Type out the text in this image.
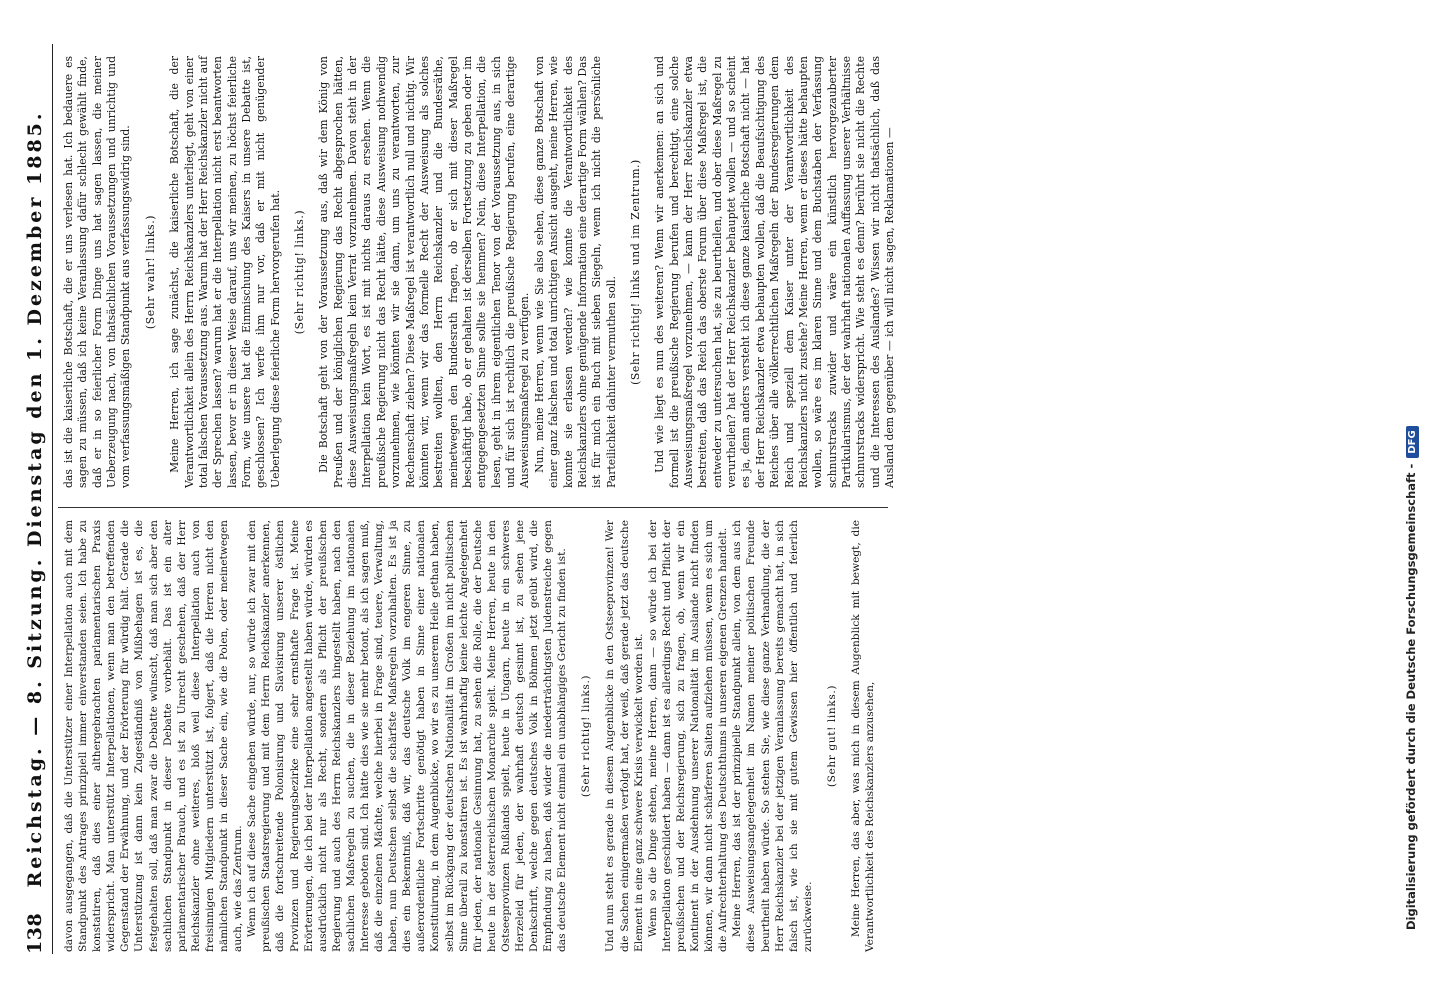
138
Reichstag. — 8. Sitzung. Dienstag den 1. Dezember 1885. davon ausgegangen, daß die Unterstützer einer Interpellation auch mit dem Standpunkt des Antrages prinzipiell immer einverstanden seien. Ich habe zu konstatiren, daß dies einer althergebrachten parlamentarischen Praxis widerspricht. Man unterstützt Interpellationen, wenn man den betreffenden Gegenstand der Erwähnung, und der Erörterung für würdig hält. Gerade die Unterstützung ist dann kein Zugeständniß von Mißbehagen ist es, die festgehalten soll, daß man zwar die Debatte wünscht, daß man sich aber den sachlichen Standpunkt in dieser Debatte vorbehält. Das ist ein alter parlamentarischer Brauch, und es ist zu Unrecht geschehen, daß der Herr Reichskanzler ohne weiteres, bloß weil diese Interpellation auch von freisinnigen Mitgliedern unterstützt ist, folgert, daß die Herren nicht den nämlichen Standpunkt in dieser Sache ein, wie die Polen, oder meinetwegen auch, wie das Zentrum. Wenn ich auf diese Sache eingehen würde, nur, so würde ich zwar mit den preußischen Staatsregierung und mit dem Herrn Reichskanzler anerkennen, daß die fortschreitende Polonisirung und Slavisirung unserer östlichen Provinzen und Regierungsbezirke eine sehr ernsthafte Frage ist. Meine Erörterungen, die ich bei der Interpellation angestellt haben würde, würden es ausdrücklich nicht nur als Recht, sondern als Pflicht der preußischen Regierung und auch des Herrn Reichskanzlers hingestellt haben, nach den sachlichen Maßregeln zu suchen, die in dieser Beziehung im nationalen Interesse geboten sind. Ich hätte dies wie sie mehr betont, als ich sagen muß, daß die einzelnen Mächte, welche hierbei in Frage sind, teuere, Verwaltung, haben, nun Deutschen selbst die schärfste Maßregeln vorzuhalten. Es ist ja dies ein Bekenntniß, daß wir, das deutsche Volk im engeren Sinne, zu außerordentliche Fortschritte genötigt haben in Sinne einer nationalen Konstituirung, in dem Augenblicke, wo wir es zu unserem Heile gethan haben, selbst im Rückgang der deutschen Nationalität im Großen im nicht politischen Sinne überall zu konstatiren ist. Es ist wahrhaftig keine leichte Angelegenheit für jeden, der nationale Gesinnung hat, zu sehen die Rolle, die der Deutsche heute in der österreichischen Monarchie spielt. Meine Herren, heute in den Ostseeprovinzen Rußlands spielt, heute in Ungarn, heute in ein schweres Herzeleid für jeden, der wahrhaft deutsch gesinnt ist, zu sehen jene Denkschrift, welche gegen deutsches Volk in Böhmen jetzt geübt wird, die Empfindung zu haben, daß wider die niederträchtigsten Judenstreiche gegen das deutsche Element nicht einmal ein unabhängiges Gericht zu finden ist. (Sehr richtig! links.) Und nun steht es gerade in diesem Augenblicke in den Ostseeprovinzen! Wer die Sachen einigermaßen verfolgt hat, der weiß, daß gerade jetzt das deutsche Element in eine ganz schwere Krisis verwickelt worden ist. Wenn so die Dinge stehen, meine Herren, dann — so würde ich bei der Interpellation geschildert haben — dann ist es allerdings Recht und Pflicht der preußischen und der Reichsregierung, sich zu fragen, ob, wenn wir ein Kontinent in der Ausdehnung unserer Nationalität im Auslande nicht finden können, wir dann nicht schärferen Saiten aufziehen müssen, wenn es sich um die Aufrechterhaltung des Deutschthums in unseren eigenen Grenzen handelt. Meine Herren, das ist der prinzipielle Standpunkt allein, von dem aus ich diese Ausweisungsangelegenheit im Namen meiner politischen Freunde beurtheilt haben würde. So stehen Sie, wie diese ganze Verhandlung, die der Herr Reichskanzler bei der jetzigen Veranlassung bereits gemacht hat, in sich falsch ist, wie ich sie mit gutem Gewissen hier öffentlich und feierlich zurückweise.

(Sehr gut! links.) Meine Herren, das aber, was mich in diesem Augenblick mit bewegt, die Verantwortlichkeit des Reichskanzlers anzusehen,

das ist die kaiserliche Botschaft, die er uns verlesen hat. Ich bedauere es sagen zu müssen, daß ich keine Veranlassung dafür schlecht gewählt finde, daß er in so feierlicher Form Dinge uns hat sagen lassen, die meiner Ueberzeugung nach, von thatsächlichen Voraussetzungen und unrichtig und vom verfassungsmäßigen Standpunkt aus verfassungswidrig sind. (Sehr wahr! links.) Meine Herren, ich sage zunächst, die kaiserliche Botschaft, die der Verantwortlichkeit allein des Herrn Reichskanzlers unterliegt, geht von einer total falschen Voraussetzung aus. Warum hat der Herr Reichskanzler nicht auf der Sprechen lassen? warum hat er die Interpellation nicht erst beantworten lassen, bevor er in dieser Weise darauf, uns wir meinen, zu höchst feierliche Form, wie unsere hat die Einmischung des Kaisers in unsere Debatte ist, geschlossen? Ich werfe ihm nur vor, daß er mit nicht genügender Ueberlegung diese feierliche Form hervorgerufen hat. (Sehr richtig! links.) Die Botschaft geht von der Voraussetzung aus, daß wir dem König von Preußen und der königlichen Regierung das Recht abgesprochen hätten, diese Ausweisungsmaßregeln kein Verrat vorzunehmen. Davon steht in der Interpellation kein Wort, es ist mit nichts daraus zu ersehen. Wenn die preußische Regierung nicht das Recht hätte, diese Ausweisung nothwendig vorzunehmen, wie könnten wir sie dann, um uns zu verantworten, zur Rechenschaft ziehen? Diese Maßregel ist verantwortlich null und nichtig. Wir könnten wir, wenn wir das formelle Recht der Ausweisung als solches bestreiten wollten, den Herrn Reichskanzler und die Bundesräthe, meinetwegen den Bundesrath fragen, ob er sich mit dieser Maßregel beschäftigt habe, ob er gehalten ist derselben Fortsetzung zu geben oder im entgegengesetzten Sinne sollte sie hemmen? Nein, diese Interpellation, die lesen, geht in ihrem eigentlichen Tenor von der Voraussetzung aus, in sich und für sich ist rechtlich die preußische Regierung berufen, eine derartige Ausweisungsmaßregel zu verfügen. Nun, meine Herren, wenn wie Sie also sehen, diese ganze Botschaft von einer ganz falschen und total unrichtigen Ansicht ausgeht, meine Herren, wie konnte sie erlassen werden? wie konnte die Verantwortlichkeit des Reichskanzlers ohne genügende Information eine derartige Form wählen? Das ist für mich ein Buch mit sieben Siegeln, wenn ich nicht die persönliche Parteilichkeit dahinter vermuthen soll. (Sehr richtig! links und im Zentrum.) Und wie liegt es nun des weiteren? Wenn wir anerkennen: an sich und formell ist die preußische Regierung berufen und berechtigt, eine solche Ausweisungsmaßregel vorzunehmen, — kann der Herr Reichskanzler etwa bestreiten, daß das Reich das oberste Forum über diese Maßregel ist, die entweder zu untersuchen hat, sie zu beurtheilen, und ober diese Maßregel zu verurtheilen? hat der Herr Reichskanzler behauptet wollen — und so scheint es ja, denn anders versteht ich diese ganze kaiserliche Botschaft nicht — hat der Herr Reichskanzler etwa behaupten wollen, daß die Beaufsichtigung des Reiches über alle völkerrechtlichen Maßregeln der Bundesregierungen dem Reich und speziell dem Kaiser unter der Verantwortlichkeit des Reichskanzlers nicht zustehe? Meine Herren, wenn er dieses hätte behaupten wollen, so wäre es im klaren Sinne und dem Buchstaben der Verfassung schnurstracks zuwider und wäre ein künstlich hervorgezauberter Partikularismus, der der wahrhaft nationalen Auffassung unserer Verhältnisse schnurstracks widerspricht. Wie steht es denn? berührt sie nicht die Rechte und die Interessen des Auslandes? Wissen wir nicht thatsächlich, daß das Ausland dem gegenüber — ich will nicht sagen, Reklamationen —

Digitalisierung gefördert durch die Deutsche Forschungsgemeinschaft -DFG
